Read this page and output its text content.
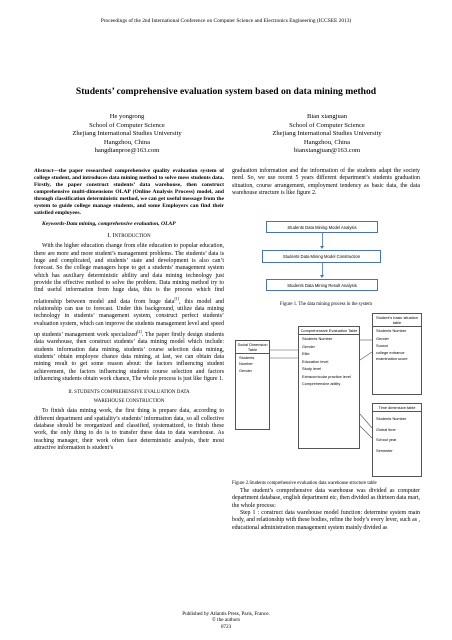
Proceedings of the 2nd International Conference on Computer Science and Electronics Engineering (ICCSEE 2013)
Students’ comprehensive evaluation system based on data mining method
He yongrong
School of Computer Science
Zhejiang International Studies University
Hangzhou, China
hangdianproe@163.com
Bian xiangjuan
School of Computer Science
Zhejiang International Studies University
Hangzhou, China
bianxiangjuan@163.com
Abstract—the paper researched comprehensive quality evaluation system of college student, and introduces data mining method to solve mess students data. Firstly, the paper construct students’ data warehouse, then construct comprehensive multi-dimensions OLAP (Online Analysis Process) model, and through classification deterministic method, we can get useful message from the system to guide college manage students, and some Employers can find their satisfied employees.
Keywords-Data mining, comprehensive evaluation, OLAP
I. INTRODUCTION

With the higher education change from elite education to popular education, there are more and more student’s management problems. The students’ data is huge and complicated, and students’ state and development is also can’t forecast. So the college managers hope to get a students’ management system which has auxiliary deterministic ability and data mining technology just provide the effective method to solve the problem. Data mining method try to find useful information from huge data, this is the process which find relationship between model and data from huge data[1], this model and relationship can use to forecast. Under this background, utilize data mining technology in students’ management system, construct perfect students’ evaluation system, which can improve the students management level and speed up students’ management work specialized[2]. The paper firstly design students data warehouse, then construct students’ data mining model which include: students information data mining, students’ course selection data mining, students’ obtain employee chance data mining, at last, we can obtain data mining result to get some reason about: the factors influencing student achievement, the factors influencing students course selection and factors influencing students obtain work chance, The whole process is just like figure 1.

II. STUDENTS COMPREHENSIVE EVALUATION DATA
WAREHOUSE CONSTRUCTION

To finish data mining work, the first thing is prepare data, according to different department and spatiality’s students’ information data, so all collective database should be reorganized and classified, systematized, to finish these work, the only thing to do is to transfer these data to data warehouse. As teaching manager, their work often face deterministic analysis, their most attractive information is student’s

graduation information and the information of the students adapt the society need. So, we use recent 5 years different department’s students graduation situation, course arrangement, employment tendency as basic data, the data warehouse structure is like figure 2.

Students Data Mining Model Analysis
Students Data Mining Model Construction
Students Data Mining Result Analysis
Figure 1. The data mining process in the system
Comprehensive Evaluation Table
Students Number
Gender
Elite
Education level
Study level
Extracurricular practice level
Comprehensive ability
Social Dimension Table
Students Number
Gender
Student’s basic situation table
Students Number
Gender
Source
college entrance
examination score
Time dimension table
Students Number
Global time
School year
Semester
Figure 2.Students comprehensive evaluation data warehouse structure table

The student’s comprehensive data warehouse was divided as computer department database, english department etc, then divided as thirteen data mart, the whole process:

Step 1 : construct data warehouse model function: determine system main body, and relationship with these bodies, refine the body’s every lever, such as , educational administration management system mainly divided as

Published by Atlantis Press, Paris, France.
© the authors
0723
